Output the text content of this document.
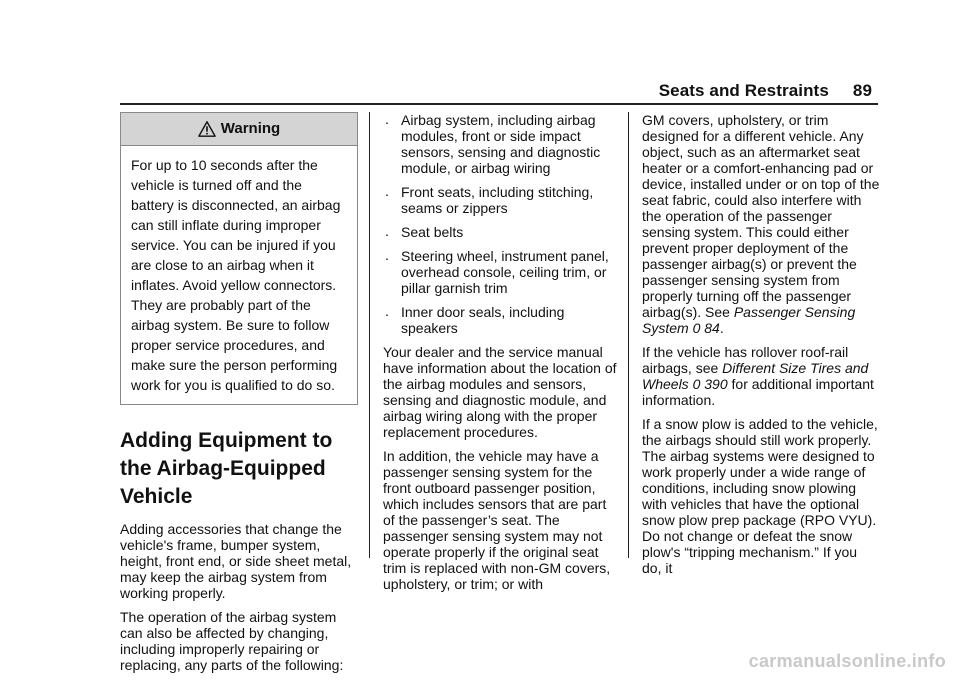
Seats and Restraints 89
Warning
For up to 10 seconds after the vehicle is turned off and the battery is disconnected, an airbag can still inflate during improper service. You can be injured if you are close to an airbag when it inflates. Avoid yellow connectors. They are probably part of the airbag system. Be sure to follow proper service procedures, and make sure the person performing work for you is qualified to do so.
Adding Equipment to the Airbag-Equipped Vehicle

Adding accessories that change the vehicle's frame, bumper system, height, front end, or side sheet metal, may keep the airbag system from working properly.

The operation of the airbag system can also be affected by changing, including improperly repairing or replacing, any parts of the following:

. Airbag system, including airbag modules, front or side impact sensors, sensing and diagnostic module, or airbag wiring
. Front seats, including stitching, seams or zippers
. Seat belts
. Steering wheel, instrument panel, overhead console, ceiling trim, or pillar garnish trim
. Inner door seals, including speakers

Your dealer and the service manual have information about the location of the airbag modules and sensors, sensing and diagnostic module, and airbag wiring along with the proper replacement procedures.

In addition, the vehicle may have a passenger sensing system for the front outboard passenger position, which includes sensors that are part of the passenger’s seat. The passenger sensing system may not operate properly if the original seat trim is replaced with non-GM covers, upholstery, or trim; or with

GM covers, upholstery, or trim designed for a different vehicle. Any object, such as an aftermarket seat heater or a comfort-enhancing pad or device, installed under or on top of the seat fabric, could also interfere with the operation of the passenger sensing system. This could either prevent proper deployment of the passenger airbag(s) or prevent the passenger sensing system from properly turning off the passenger airbag(s). See Passenger Sensing System 0 84.

If the vehicle has rollover roof-rail airbags, see Different Size Tires and Wheels 0 390 for additional important information.

If a snow plow is added to the vehicle, the airbags should still work properly. The airbag systems were designed to work properly under a wide range of conditions, including snow plowing with vehicles that have the optional snow plow prep package (RPO VYU). Do not change or defeat the snow plow's “tripping mechanism.” If you do, it

carmanualsonline.info
